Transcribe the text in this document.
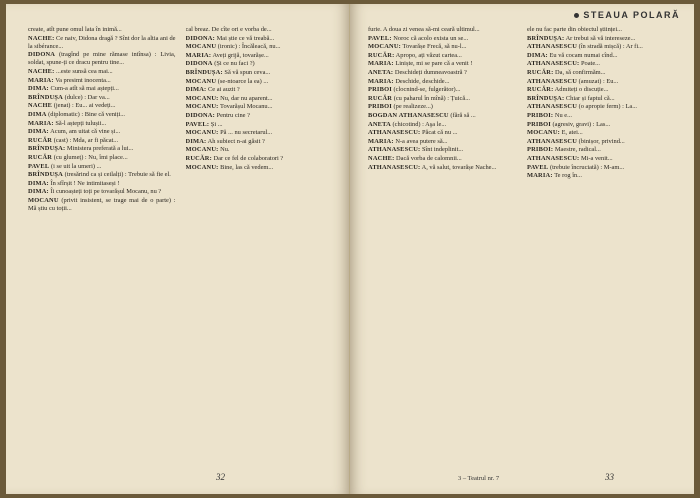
create, atît pune omul lata în inimă...

NACHE: Ce naiv, Didona dragă ? Sînt dor la altia ani de la sibérance...

DIDONA (tragînd pe mine rămase intînsa) : Livia, soldat, spune-ți ce dracu pentru tine...

NACHE: ...este sunsă cea mai...

MARIA: Va presimt inocenta...

DIMA: Cum-a atît să mai aștepți...

BRÎNDUȘA (dulce) : Dar va...

NACHE (jenat) : Eu... ai vedeți...

DIMA (diplomatic) : Bine că veniți...

MARIA: Să-l aștepți tulușii...

DIMA: Acum, am uitat că vine și...

RUCĂR (cast) : Mda, ar fi păcat...

BRÎNDUȘA: Ministera preferată a lui...

RUCĂR (cu glumeț) : Nu, îmi place...

PAVEL (i se uit la umeri) ...

BRÎNDUȘA (tresărind ca și ceilalți) : Trebuie să fie el.

DIMA: În sfîrșit ! Ne intimitaseși !

DIMA: Îi cunoașteți toți pe tovarășul Mocanu, nu ?

MOCANU (privit insistent, se trage mai de o parte) : Mă știu cu toții...

cal breaz. De cîte ori e vorba de...

DIDONA: Mai știe ce vă treabă...

MOCANU (ironic) : Încăleacă, nu...

MARIA: Aveți grijă, tovarășe...

DIDONA (Și ce nu faci ?)

BRÎNDUȘA: Să vă spun ceva...

MOCANU (se-ntoarce la ea) ...

DIMA: Ce ai auzit ?

MOCANU: Nu, dar nu aparent...

MOCANU: Tovarășul Mocanu...

DIDONA: Pentru cine ?

PAVEL: Și ...

MOCANU: Pă ... nu secretarul...

DIMA: Ah subiect n-ai găsit ?

MOCANU: Nu.

RUCĂR: Dar ce fel de colaboratori ?

MOCANU: Bine, las că vedem...

32
STEAUA POLARĂ

furie. A doua zi venea să-mi ceară ultimul...

PAVEL: Noroc că acolo exista un se...

MOCANU: Tovarășe Frecă, să nu-l...

RUCĂR: Apropo, ați văzut cartea...

MARIA: Liniște, mi se pare că a venit !

ANETA: Deschideți dumneavoastră ?

MARIA: Deschide, deschide...

PRIBOI (clocnind-se, fulgerător)...

RUCĂR (cu paharul în mînă) : Țuică...

PRIBOI (pe realizeze...)

BOGDAN ATHANASESCU (fără să ...

ANETA (chicotind) : Aşa le...

ATHANASESCU: Păcat că nu ...

MARIA: N-a avea putere să...

ATHANASESCU: Sînt indeplinit...

NACHE: Dacă vorba de calomnii...

ATHANASESCU: A, vă salut, tovarășe Nache...

ele nu fac parte din obiectul științei...

BRÎNDUȘA: Ar trebui să vă intereseze...

ATHANASESCU (în stradă mișcă) : Ar fi...

DIMA: Eu vă cocam numai cînd...

ATHANASESCU: Poate...

RUCĂR: Da, să confirmăm...

ATHANASESCU (amuzat) : Eu...

RUCĂR: Admiteți o discuție...

BRÎNDUȘA: Chiar și faptul că...

ATHANASESCU (o apropie ferm) : La...

PRIBOI: Nu e...

PRIBOI (agresiv, gravi) : Las...

MOCANU: E, atei...

ATHANASESCU (binișor, privind...

PRIBOI: Maestre, radical...

ATHANASESCU: Mi-a venit...

PAVEL (trebuie încruciată) : M-am...

MARIA: Te rog în...

3 – Teatrul nr. 7	33
